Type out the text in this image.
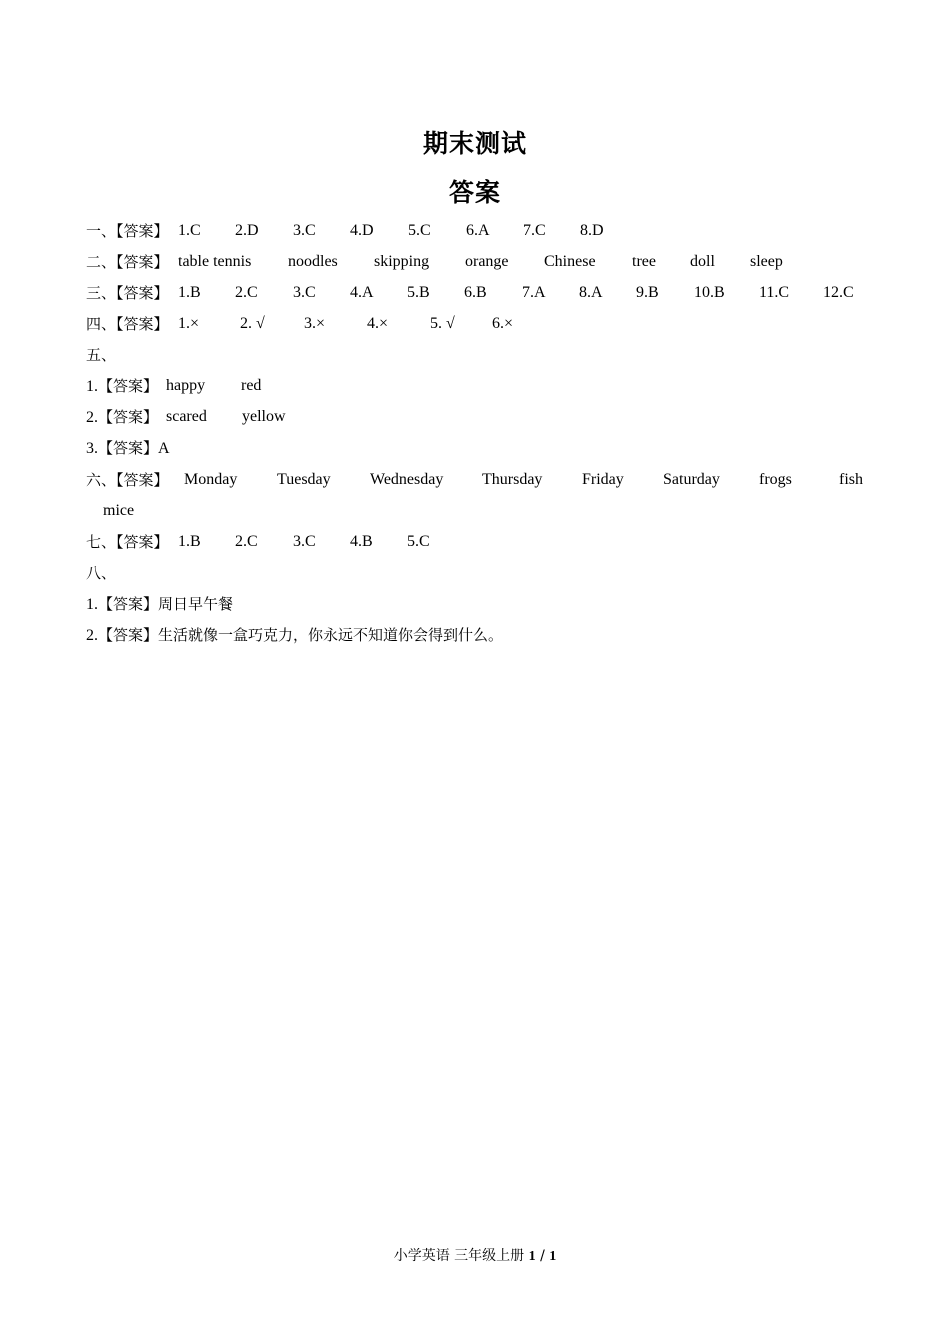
期末测试
答案
一、【答案】 1.C 2.D 3.C 4.D 5.C 6.A 7.C 8.D
二、【答案】 table tennis noodles skipping orange Chinese tree doll sleep
三、【答案】 1.B 2.C 3.C 4.A 5.B 6.B 7.A 8.A 9.B 10.B 11.C 12.C
四、【答案】 1.×	2. √ 3.×	4.×	5. √ 6.×
五、
1.【答案】 happy red
2.【答案】 scared yellow
3.【答案】A
六、【答案】 Monday Tuesday Wednesday Thursday Friday Saturday frogs	fish
mice
七、【答案】 1.B 2.C 3.C 4.B 5.C
八、
1.【答案】周日早午餐
2.【答案】生活就像一盒巧克力，你永远不知道你会得到什么。
小学英语 三年级上册 1 / 1
